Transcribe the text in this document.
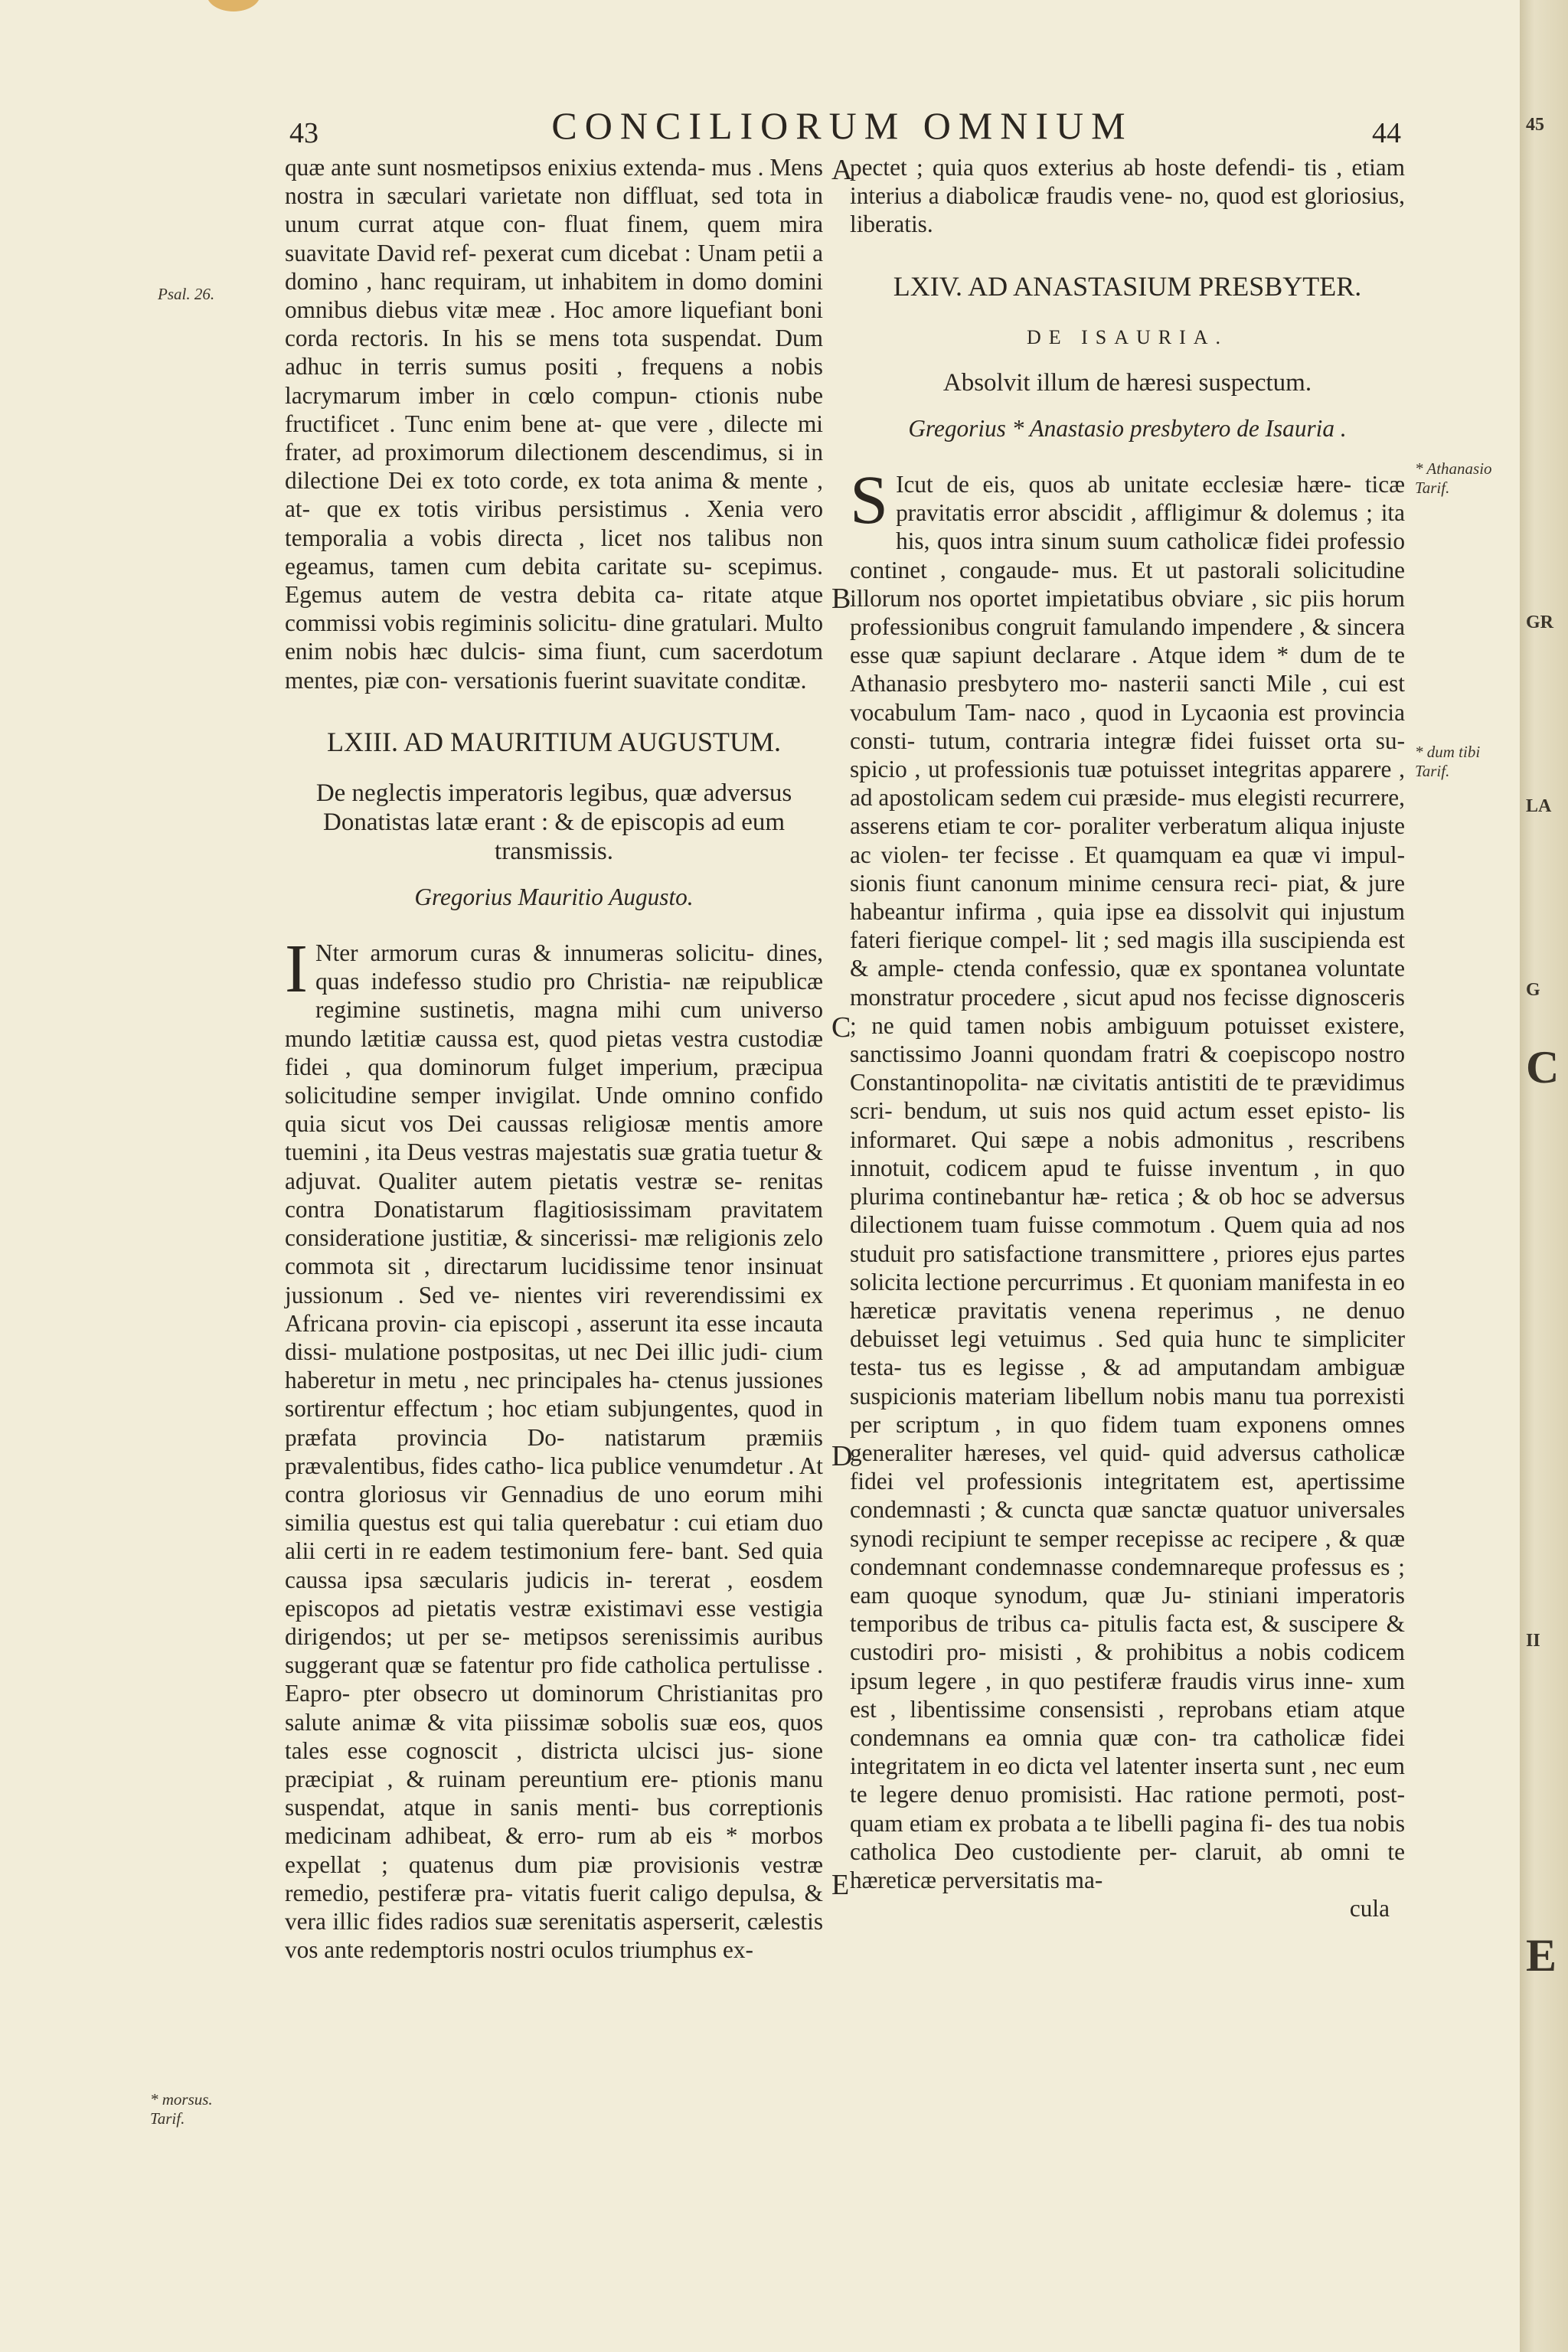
43	CONCILIORUM OMNIUM	44

quæ ante sunt nosmetipsos enixius extenda- mus . Mens nostra in sæculari varietate non diffluat, sed tota in unum currat atque con- fluat finem, quem mira suavitate David ref- pexerat cum dicebat : Unam petii a domino , hanc requiram, ut inhabitem in domo domini omnibus diebus vitæ meæ . Hoc amore liquefiant boni corda rectoris. In his se mens tota suspendat. Dum adhuc in terris sumus positi , frequens a nobis lacrymarum imber in cœlo compun- ctionis nube fructificet . Tunc enim bene at- que vere , dilecte mi frater, ad proximorum dilectionem descendimus, si in dilectione Dei ex toto corde, ex tota anima & mente , at- que ex totis viribus persistimus . Xenia vero temporalia a vobis directa , licet nos talibus non egeamus, tamen cum debita caritate su- scepimus. Egemus autem de vestra debita ca- ritate atque commissi vobis regiminis solicitu- dine gratulari. Multo enim nobis hæc dulcis- sima fiunt, cum sacerdotum mentes, piæ con- versationis fuerint suavitate conditæ.

LXIII. AD MAURITIUM AUGUSTUM.
De neglectis imperatoris legibus, quæ adversus Donatistas latæ erant : & de episcopis ad eum transmissis.
Gregorius Mauritio Augusto.

I Nter armorum curas & innumeras solicitu- dines, quas indefesso studio pro Christia- næ reipublicæ regimine sustinetis, magna mihi cum universo mundo lætitiæ caussa est, quod pietas vestra custodiæ fidei , qua dominorum fulget imperium, præcipua solicitudine semper invigilat. Unde omnino confido quia sicut vos Dei caussas religiosæ mentis amore tuemini , ita Deus vestras majestatis suæ gratia tuetur & adjuvat. Qualiter autem pietatis vestræ se- renitas contra Donatistarum flagitiosissimam pravitatem consideratione justitiæ, & sincerissi- mæ religionis zelo commota sit , directarum lucidissime tenor insinuat jussionum . Sed ve- nientes viri reverendissimi ex Africana provin- cia episcopi , asserunt ita esse incauta dissi- mulatione postpositas, ut nec Dei illic judi- cium haberetur in metu , nec principales ha- ctenus jussiones sortirentur effectum ; hoc etiam subjungentes, quod in præfata provincia Do- natistarum præmiis prævalentibus, fides catho- lica publice venumdetur . At contra gloriosus vir Gennadius de uno eorum mihi similia questus est qui talia querebatur : cui etiam duo alii certi in re eadem testimonium fere- bant. Sed quia caussa ipsa sæcularis judicis in- tererat , eosdem episcopos ad pietatis vestræ existimavi esse vestigia dirigendos; ut per se- metipsos serenissimis auribus suggerant quæ se fatentur pro fide catholica pertulisse . Eapro- pter obsecro ut dominorum Christianitas pro salute animæ & vita piissimæ sobolis suæ eos, quos tales esse cognoscit , districta ulcisci jus- sione præcipiat , & ruinam pereuntium ere- ptionis manu suspendat, atque in sanis menti- bus correptionis medicinam adhibeat, & erro- rum ab eis * morbos expellat ; quatenus dum piæ provisionis vestræ remedio, pestiferæ pra- vitatis fuerit caligo depulsa, & vera illic fides radios suæ serenitatis asperserit, cælestis vos ante redemptoris nostri oculos triumphus ex-

pectet ; quia quos exterius ab hoste defendi- tis , etiam interius a diabolicæ fraudis vene- no, quod est gloriosius, liberatis.

LXIV. AD ANASTASIUM PRESBYTER.
DE ISAURIA.
Absolvit illum de hæresi suspectum.
Gregorius * Anastasio presbytero de Isauria .

S Icut de eis, quos ab unitate ecclesiæ hære- ticæ pravitatis error abscidit , affligimur & dolemus ; ita his, quos intra sinum suum catholicæ fidei professio continet , congaude- mus. Et ut pastorali solicitudine illorum nos oportet impietatibus obviare , sic piis horum professionibus congruit famulando impendere , & sincera esse quæ sapiunt declarare . Atque idem * dum de te Athanasio presbytero mo- nasterii sancti Mile , cui est vocabulum Tam- naco , quod in Lycaonia est provincia consti- tutum, contraria integræ fidei fuisset orta su- spicio , ut professionis tuæ potuisset integritas apparere , ad apostolicam sedem cui præside- mus elegisti recurrere, asserens etiam te cor- poraliter verberatum aliqua injuste ac violen- ter fecisse . Et quamquam ea quæ vi impul- sionis fiunt canonum minime censura reci- piat, & jure habeantur infirma , quia ipse ea dissolvit qui injustum fateri fierique compel- lit ; sed magis illa suscipienda est & ample- ctenda confessio, quæ ex spontanea voluntate monstratur procedere , sicut apud nos fecisse dignosceris ; ne quid tamen nobis ambiguum potuisset existere, sanctissimo Joanni quondam fratri & coepiscopo nostro Constantinopolita- næ civitatis antistiti de te prævidimus scri- bendum, ut suis nos quid actum esset episto- lis informaret. Qui sæpe a nobis admonitus , rescribens innotuit, codicem apud te fuisse inventum , in quo plurima continebantur hæ- retica ; & ob hoc se adversus dilectionem tuam fuisse commotum . Quem quia ad nos studuit pro satisfactione transmittere , priores ejus partes solicita lectione percurrimus . Et quoniam manifesta in eo hæreticæ pravitatis venena reperimus , ne denuo debuisset legi vetuimus . Sed quia hunc te simpliciter testa- tus es legisse , & ad amputandam ambiguæ suspicionis materiam libellum nobis manu tua porrexisti per scriptum , in quo fidem tuam exponens omnes generaliter hæreses, vel quid- quid adversus catholicæ fidei vel professionis integritatem est, apertissime condemnasti ; & cuncta quæ sanctæ quatuor universales synodi recipiunt te semper recepisse ac recipere , & quæ condemnant condemnasse condemnareque professus es ; eam quoque synodum, quæ Ju- stiniani imperatoris temporibus de tribus ca- pitulis facta est, & suscipere & custodiri pro- misisti , & prohibitus a nobis codicem ipsum legere , in quo pestiferæ fraudis virus inne- xum est , libentissime consensisti , reprobans etiam atque condemnans ea omnia quæ con- tra catholicæ fidei integritatem in eo dicta vel latenter inserta sunt , nec eum te legere denuo promisisti. Hac ratione permoti, post- quam etiam ex probata a te libelli pagina fi- des tua nobis catholica Deo custodiente per- claruit, ab omni te hæreticæ perversitatis ma-

cula
A
B
C
D
E
Psal. 26.
* morsus. Tarif.
* Athanasio Tarif.
* dum tibi Tarif.
45
GR
LA
G
C
II
E
